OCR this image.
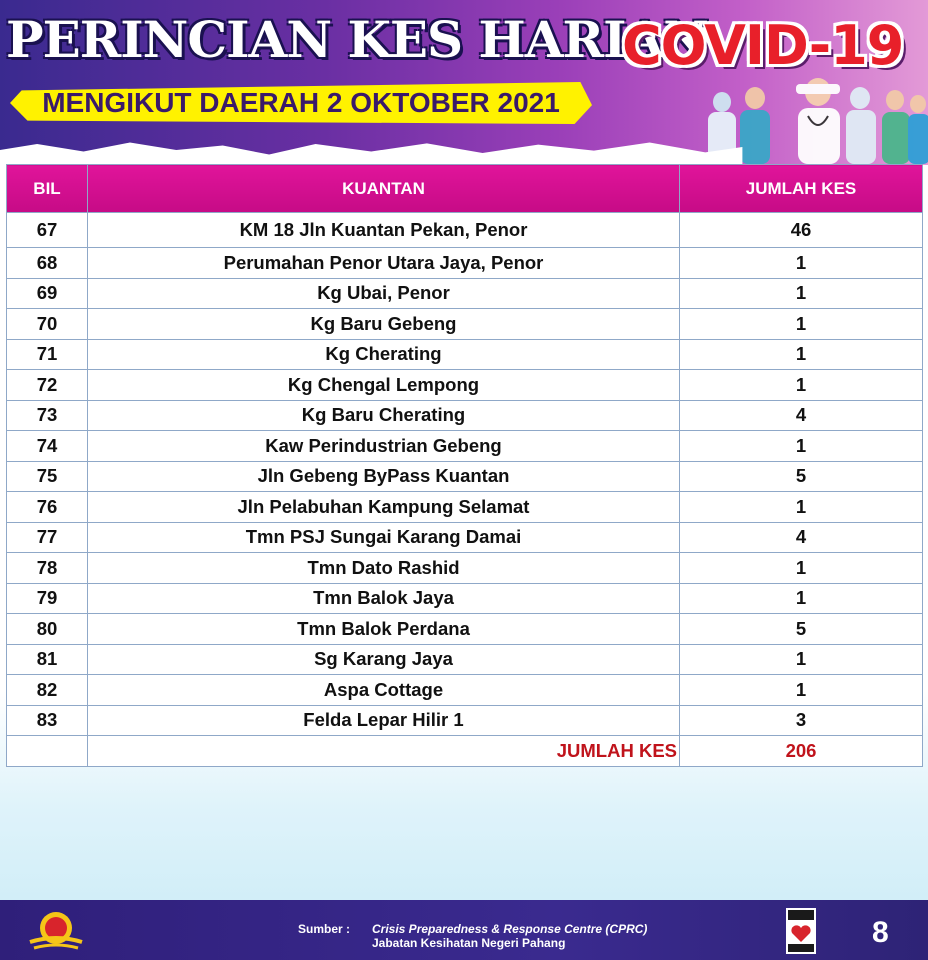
PERINCIAN KES HARIAN
COVID-19
MENGIKUT DAERAH 2 OKTOBER 2021
BIL	KUANTAN	JUMLAH KES
67	KM 18 Jln Kuantan Pekan, Penor	46
68	Perumahan Penor Utara Jaya, Penor	1
69	Kg Ubai, Penor	1
70	Kg Baru Gebeng	1
71	Kg Cherating	1
72	Kg Chengal Lempong	1
73	Kg Baru Cherating	4
74	Kaw Perindustrian Gebeng	1
75	Jln Gebeng ByPass Kuantan	5
76	Jln Pelabuhan Kampung Selamat	1
77	Tmn PSJ Sungai Karang Damai	4
78	Tmn Dato Rashid	1
79	Tmn Balok Jaya	1
80	Tmn Balok Perdana	5
81	Sg Karang Jaya	1
82	Aspa Cottage	1
83	Felda Lepar Hilir 1	3
	JUMLAH KES	206
Sumber : Crisis Preparedness & Response Centre (CPRC)
Jabatan Kesihatan Negeri Pahang	8
